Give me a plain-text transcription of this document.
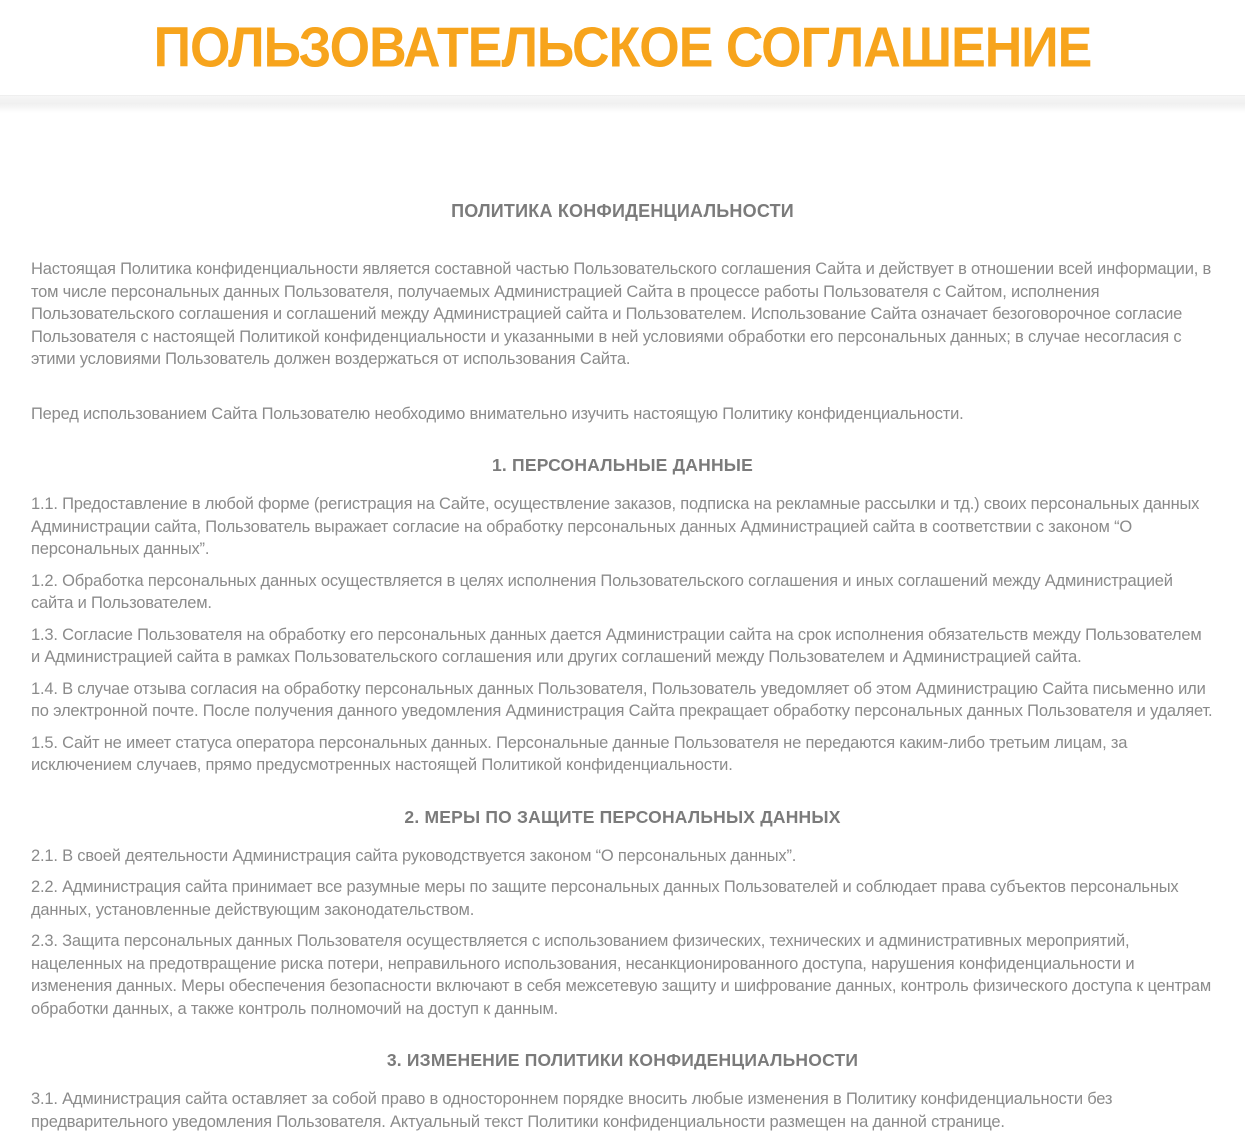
ПОЛЬЗОВАТЕЛЬСКОЕ СОГЛАШЕНИЕ
ПОЛИТИКА КОНФИДЕНЦИАЛЬНОСТИ

Настоящая Политика конфиденциальности является составной частью Пользовательского соглашения Сайта и действует в отношении всей информации, в том числе персональных данных Пользователя, получаемых Администрацией Сайта в процессе работы Пользователя с Сайтом, исполнения Пользовательского соглашения и соглашений между Администрацией сайта и Пользователем. Использование Сайта означает безоговорочное согласие Пользователя с настоящей Политикой конфиденциальности и указанными в ней условиями обработки его персональных данных; в случае несогласия с этими условиями Пользователь должен воздержаться от использования Сайта.

Перед использованием Сайта Пользователю необходимо внимательно изучить настоящую Политику конфиденциальности.

1. ПЕРСОНАЛЬНЫЕ ДАННЫЕ

1.1. Предоставление в любой форме (регистрация на Сайте, осуществление заказов, подписка на рекламные рассылки и тд.) своих персональных данных Администрации сайта, Пользователь выражает согласие на обработку персональных данных Администрацией сайта в соответствии с законом “О персональных данных”.

1.2. Обработка персональных данных осуществляется в целях исполнения Пользовательского соглашения и иных соглашений между Администрацией сайта и Пользователем.

1.3. Согласие Пользователя на обработку его персональных данных дается Администрации сайта на срок исполнения обязательств между Пользователем и Администрацией сайта в рамках Пользовательского соглашения или других соглашений между Пользователем и Администрацией сайта.

1.4. В случае отзыва согласия на обработку персональных данных Пользователя, Пользователь уведомляет об этом Администрацию Сайта письменно или по электронной почте. После получения данного уведомления Администрация Сайта прекращает обработку персональных данных Пользователя и удаляет.

1.5. Сайт не имеет статуса оператора персональных данных. Персональные данные Пользователя не передаются каким-либо третьим лицам, за исключением случаев, прямо предусмотренных настоящей Политикой конфиденциальности.

2. МЕРЫ ПО ЗАЩИТЕ ПЕРСОНАЛЬНЫХ ДАННЫХ

2.1. В своей деятельности Администрация сайта руководствуется законом “О персональных данных”.

2.2. Администрация сайта принимает все разумные меры по защите персональных данных Пользователей и соблюдает права субъектов персональных данных, установленные действующим законодательством.

2.3. Защита персональных данных Пользователя осуществляется с использованием физических, технических и административных мероприятий, нацеленных на предотвращение риска потери, неправильного использования, несанкционированного доступа, нарушения конфиденциальности и изменения данных. Меры обеспечения безопасности включают в себя межсетевую защиту и шифрование данных, контроль физического доступа к центрам обработки данных, а также контроль полномочий на доступ к данным.

3. ИЗМЕНЕНИЕ ПОЛИТИКИ КОНФИДЕНЦИАЛЬНОСТИ

3.1. Администрация сайта оставляет за собой право в одностороннем порядке вносить любые изменения в Политику конфиденциальности без предварительного уведомления Пользователя. Актуальный текст Политики конфиденциальности размещен на данной странице.
